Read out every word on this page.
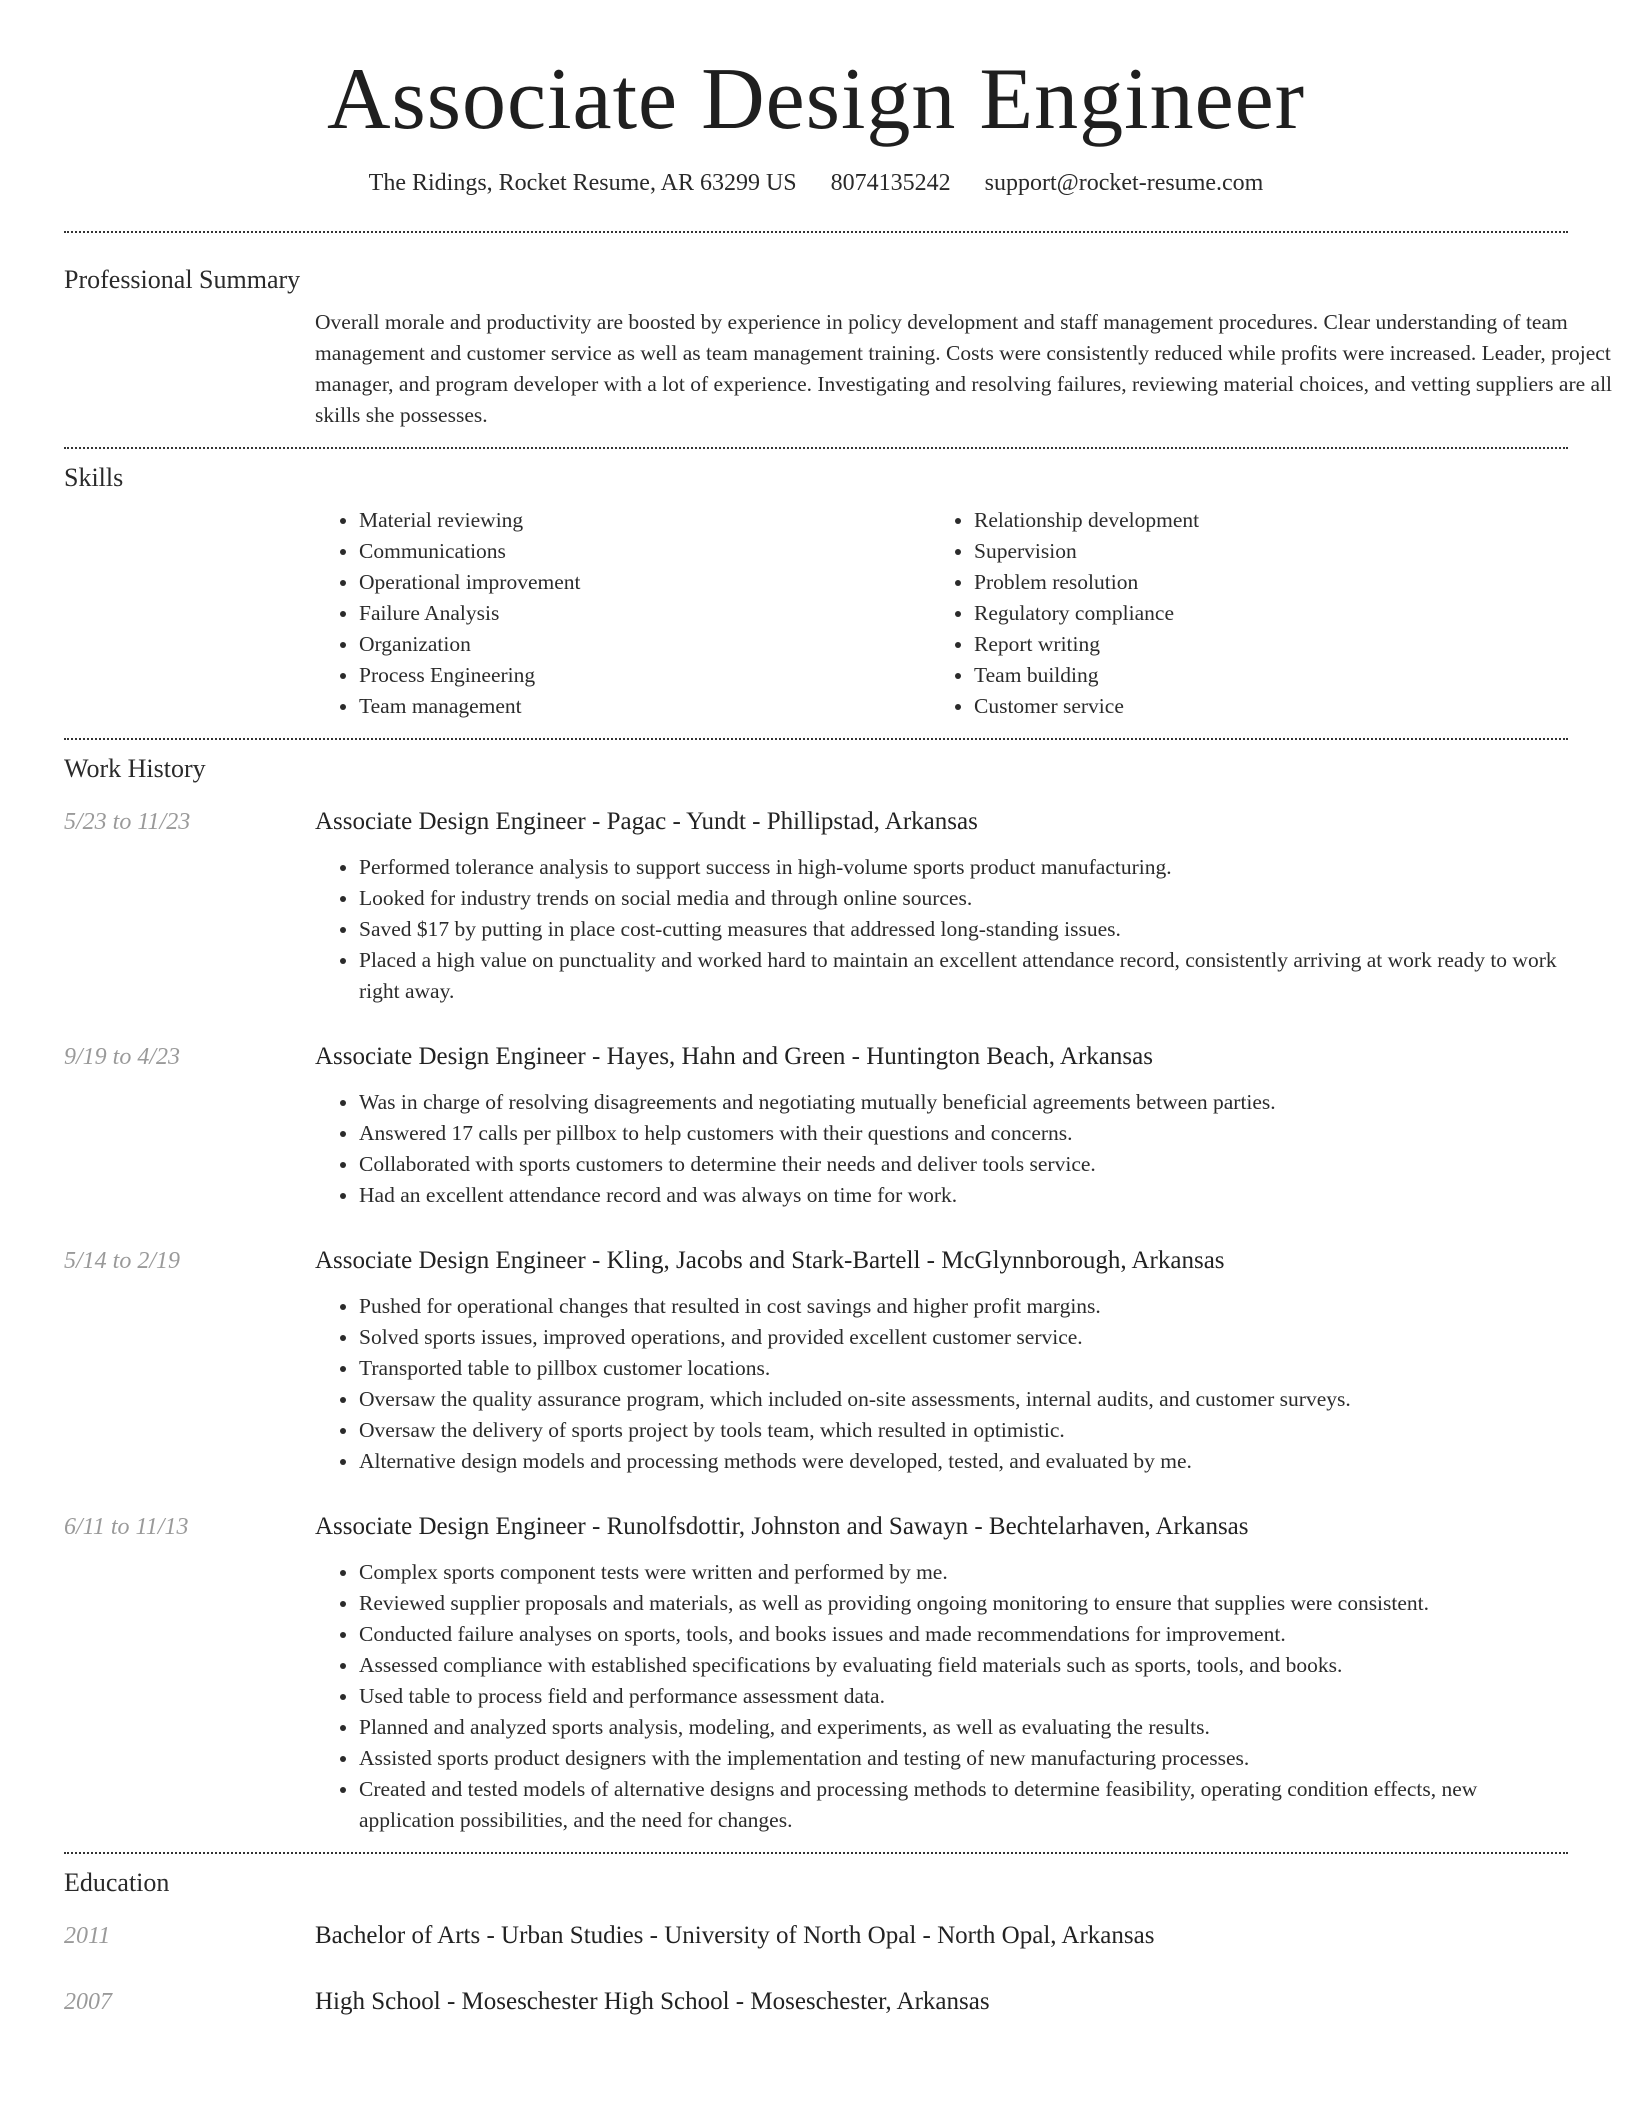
Associate Design Engineer
The Ridings, Rocket Resume, AR 63299 US 8074135242 support@rocket-resume.com
Professional Summary

Overall morale and productivity are boosted by experience in policy development and staff management procedures. Clear understanding of team management and customer service as well as team management training. Costs were consistently reduced while profits were increased. Leader, project manager, and program developer with a lot of experience. Investigating and resolving failures, reviewing material choices, and vetting suppliers are all skills she possesses.

Skills
• Material reviewing
• Communications
• Operational improvement
• Failure Analysis
• Organization
• Process Engineering
• Team management
• Relationship development
• Supervision
• Problem resolution
• Regulatory compliance
• Report writing
• Team building
• Customer service
Work History
5/23 to 11/23	Associate Design Engineer - Pagac - Yundt - Phillipstad, Arkansas
• Performed tolerance analysis to support success in high-volume sports product manufacturing.
• Looked for industry trends on social media and through online sources.
• Saved $17 by putting in place cost-cutting measures that addressed long-standing issues.
• Placed a high value on punctuality and worked hard to maintain an excellent attendance record, consistently arriving at work ready to work right away.
9/19 to 4/23	Associate Design Engineer - Hayes, Hahn and Green - Huntington Beach, Arkansas
• Was in charge of resolving disagreements and negotiating mutually beneficial agreements between parties.
• Answered 17 calls per pillbox to help customers with their questions and concerns.
• Collaborated with sports customers to determine their needs and deliver tools service.
• Had an excellent attendance record and was always on time for work.
5/14 to 2/19	Associate Design Engineer - Kling, Jacobs and Stark-Bartell - McGlynnborough, Arkansas
• Pushed for operational changes that resulted in cost savings and higher profit margins.
• Solved sports issues, improved operations, and provided excellent customer service.
• Transported table to pillbox customer locations.
• Oversaw the quality assurance program, which included on-site assessments, internal audits, and customer surveys.
• Oversaw the delivery of sports project by tools team, which resulted in optimistic.
• Alternative design models and processing methods were developed, tested, and evaluated by me.
6/11 to 11/13	Associate Design Engineer - Runolfsdottir, Johnston and Sawayn - Bechtelarhaven, Arkansas
• Complex sports component tests were written and performed by me.
• Reviewed supplier proposals and materials, as well as providing ongoing monitoring to ensure that supplies were consistent.
• Conducted failure analyses on sports, tools, and books issues and made recommendations for improvement.
• Assessed compliance with established specifications by evaluating field materials such as sports, tools, and books.
• Used table to process field and performance assessment data.
• Planned and analyzed sports analysis, modeling, and experiments, as well as evaluating the results.
• Assisted sports product designers with the implementation and testing of new manufacturing processes.
• Created and tested models of alternative designs and processing methods to determine feasibility, operating condition effects, new application possibilities, and the need for changes.
Education
2011	Bachelor of Arts - Urban Studies - University of North Opal - North Opal, Arkansas
2007	High School - Moseschester High School - Moseschester, Arkansas
